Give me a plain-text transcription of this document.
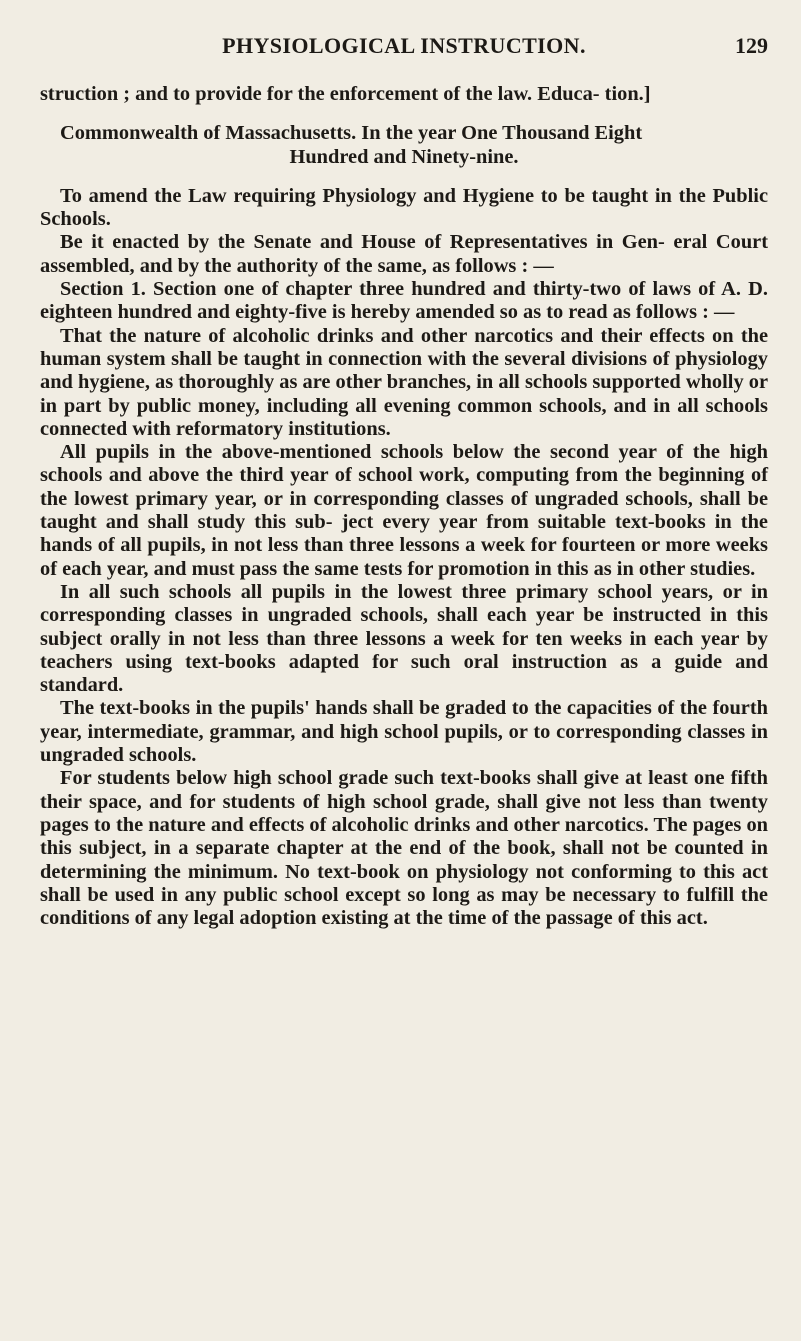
PHYSIOLOGICAL INSTRUCTION.	129

struction ; and to provide for the enforcement of the law. Educa- tion.]

Commonwealth of Massachusetts. In the year One Thousand Eight

Hundred and Ninety-nine.

To amend the Law requiring Physiology and Hygiene to be taught in the Public Schools.

Be it enacted by the Senate and House of Representatives in Gen- eral Court assembled, and by the authority of the same, as follows : —

Section 1. Section one of chapter three hundred and thirty-two of laws of A. D. eighteen hundred and eighty-five is hereby amended so as to read as follows : —

That the nature of alcoholic drinks and other narcotics and their effects on the human system shall be taught in connection with the several divisions of physiology and hygiene, as thoroughly as are other branches, in all schools supported wholly or in part by public money, including all evening common schools, and in all schools connected with reformatory institutions.

All pupils in the above-mentioned schools below the second year of the high schools and above the third year of school work, computing from the beginning of the lowest primary year, or in corresponding classes of ungraded schools, shall be taught and shall study this sub- ject every year from suitable text-books in the hands of all pupils, in not less than three lessons a week for fourteen or more weeks of each year, and must pass the same tests for promotion in this as in other studies.

In all such schools all pupils in the lowest three primary school years, or in corresponding classes in ungraded schools, shall each year be instructed in this subject orally in not less than three lessons a week for ten weeks in each year by teachers using text-books adapted for such oral instruction as a guide and standard.

The text-books in the pupils' hands shall be graded to the capacities of the fourth year, intermediate, grammar, and high school pupils, or to corresponding classes in ungraded schools.

For students below high school grade such text-books shall give at least one fifth their space, and for students of high school grade, shall give not less than twenty pages to the nature and effects of alcoholic drinks and other narcotics. The pages on this subject, in a separate chapter at the end of the book, shall not be counted in determining the minimum. No text-book on physiology not conforming to this act shall be used in any public school except so long as may be necessary to fulfill the conditions of any legal adoption existing at the time of the passage of this act.
